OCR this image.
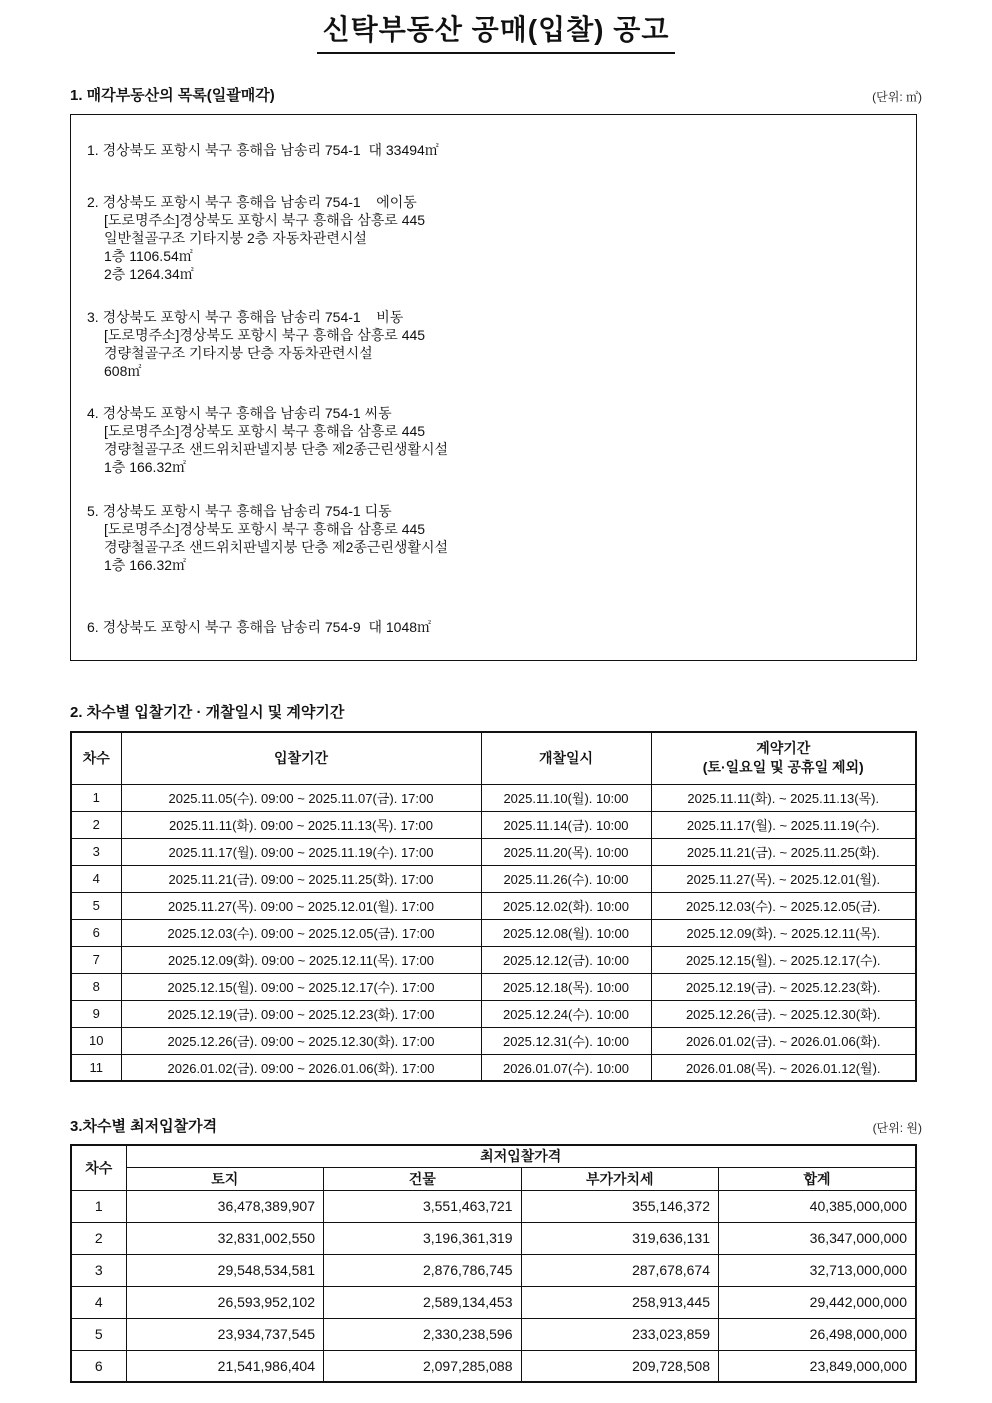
신탁부동산 공매(입찰) 공고
1. 매각부동산의 목록(일괄매각)	(단위: ㎡)
1. 경상북도 포항시 북구 흥해읍 남송리 754-1  대 33494㎡
2. 경상북도 포항시 북구 흥해읍 남송리 754-1    에이동
[도로명주소]경상북도 포항시 북구 흥해읍 삼흥로 445
일반철골구조 기타지붕 2층 자동차관련시설
1층 1106.54㎡
2층 1264.34㎡
3. 경상북도 포항시 북구 흥해읍 남송리 754-1    비동
[도로명주소]경상북도 포항시 북구 흥해읍 삼흥로 445
경량철골구조 기타지붕 단층 자동차관련시설
608㎡
4. 경상북도 포항시 북구 흥해읍 남송리 754-1 씨동
[도로명주소]경상북도 포항시 북구 흥해읍 삼흥로 445
경량철골구조 샌드위치판넬지붕 단층 제2종근린생활시설
1층 166.32㎡
5. 경상북도 포항시 북구 흥해읍 남송리 754-1 디동
[도로명주소]경상북도 포항시 북구 흥해읍 삼흥로 445
경량철골구조 샌드위치판넬지붕 단층 제2종근린생활시설
1층 166.32㎡
6. 경상북도 포항시 북구 흥해읍 남송리 754-9  대 1048㎡
2. 차수별 입찰기간 · 개찰일시 및 계약기간
차수	입찰기간	개찰일시	계약기간
(토·일요일 및 공휴일 제외)

1	2025.11.05(수). 09:00 ~ 2025.11.07(금). 17:00	2025.11.10(월). 10:00	2025.11.11(화). ~ 2025.11.13(목).
2	2025.11.11(화). 09:00 ~ 2025.11.13(목). 17:00	2025.11.14(금). 10:00	2025.11.17(월). ~ 2025.11.19(수).
3	2025.11.17(월). 09:00 ~ 2025.11.19(수). 17:00	2025.11.20(목). 10:00	2025.11.21(금). ~ 2025.11.25(화).
4	2025.11.21(금). 09:00 ~ 2025.11.25(화). 17:00	2025.11.26(수). 10:00	2025.11.27(목). ~ 2025.12.01(월).
5	2025.11.27(목). 09:00 ~ 2025.12.01(월). 17:00	2025.12.02(화). 10:00	2025.12.03(수). ~ 2025.12.05(금).
6	2025.12.03(수). 09:00 ~ 2025.12.05(금). 17:00	2025.12.08(월). 10:00	2025.12.09(화). ~ 2025.12.11(목).
7	2025.12.09(화). 09:00 ~ 2025.12.11(목). 17:00	2025.12.12(금). 10:00	2025.12.15(월). ~ 2025.12.17(수).
8	2025.12.15(월). 09:00 ~ 2025.12.17(수). 17:00	2025.12.18(목). 10:00	2025.12.19(금). ~ 2025.12.23(화).
9	2025.12.19(금). 09:00 ~ 2025.12.23(화). 17:00	2025.12.24(수). 10:00	2025.12.26(금). ~ 2025.12.30(화).
10	2025.12.26(금). 09:00 ~ 2025.12.30(화). 17:00	2025.12.31(수). 10:00	2026.01.02(금). ~ 2026.01.06(화).
11	2026.01.02(금). 09:00 ~ 2026.01.06(화). 17:00	2026.01.07(수). 10:00	2026.01.08(목). ~ 2026.01.12(월).
3.차수별 최저입찰가격	(단위: 원)
차수	최저입찰가격			
	토지	건물	부가가치세	합계
1	36,478,389,907	3,551,463,721	355,146,372	40,385,000,000
2	32,831,002,550	3,196,361,319	319,636,131	36,347,000,000
3	29,548,534,581	2,876,786,745	287,678,674	32,713,000,000
4	26,593,952,102	2,589,134,453	258,913,445	29,442,000,000
5	23,934,737,545	2,330,238,596	233,023,859	26,498,000,000
6	21,541,986,404	2,097,285,088	209,728,508	23,849,000,000
